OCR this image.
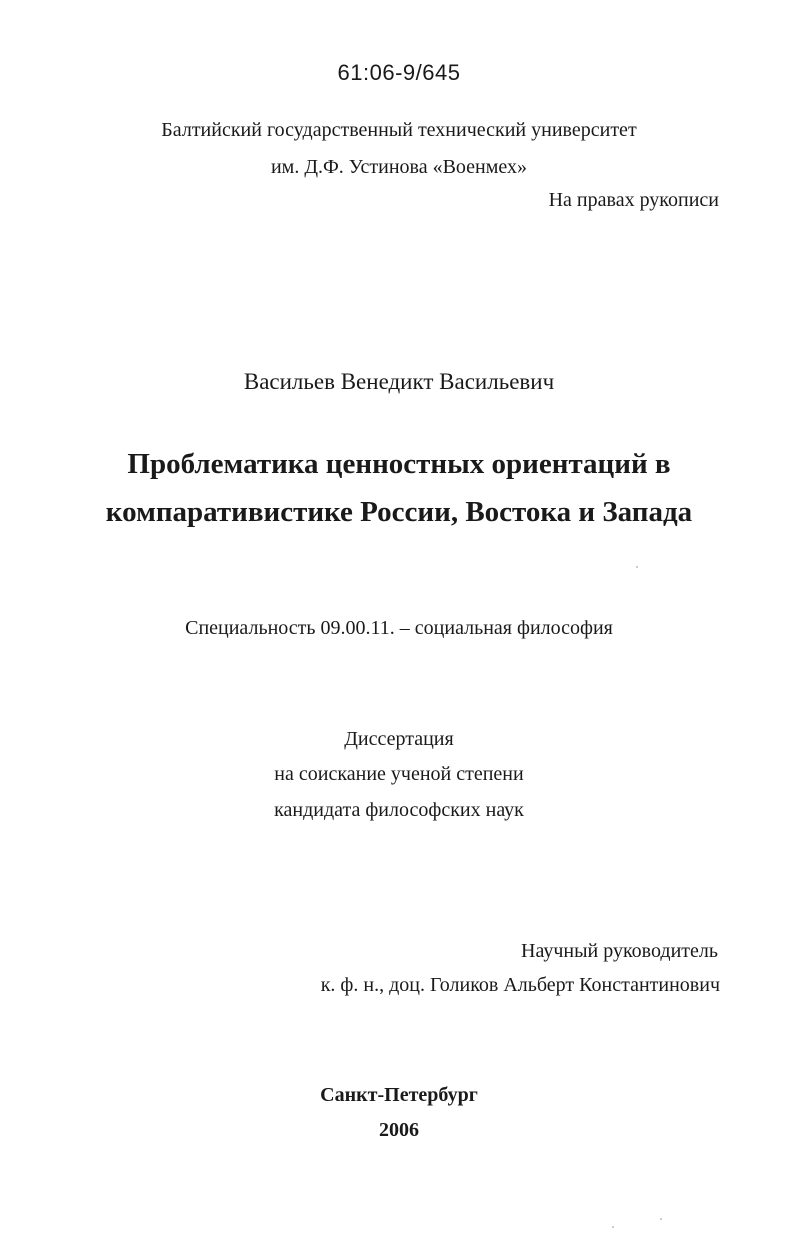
61:06-9/645
Балтийский государственный технический университет
им. Д.Ф. Устинова «Военмех»
На правах рукописи
Васильев Венедикт Васильевич
Проблематика ценностных ориентаций в
компаративистике России, Востока и Запада
Специальность 09.00.11. – социальная философия
Диссертация
на соискание ученой степени
кандидата философских наук
Научный руководитель
к. ф. н., доц. Голиков Альберт Константинович
Санкт-Петербург
2006
